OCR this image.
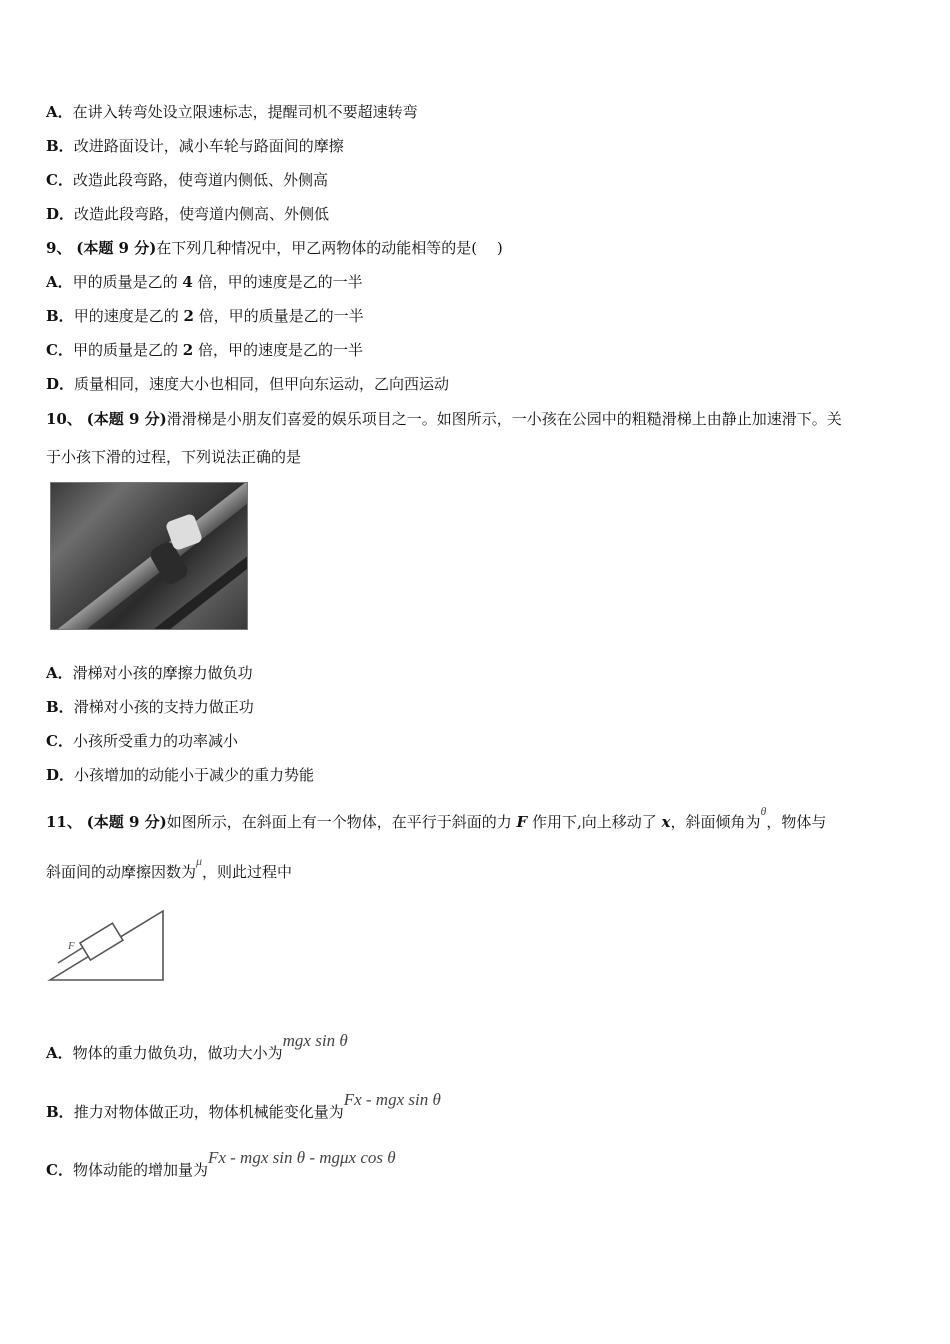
A．在讲入转弯处设立限速标志，提醒司机不要超速转弯
B．改进路面设计，减小车轮与路面间的摩擦
C．改造此段弯路，使弯道内侧低、外侧高
D．改造此段弯路，使弯道内侧高、外侧低
9、 (本题 9 分)在下列几种情况中，甲乙两物体的动能相等的是(　 )
A．甲的质量是乙的 4 倍，甲的速度是乙的一半
B．甲的速度是乙的 2 倍，甲的质量是乙的一半
C．甲的质量是乙的 2 倍，甲的速度是乙的一半
D．质量相同，速度大小也相同，但甲向东运动，乙向西运动
10、 (本题 9 分)滑滑梯是小朋友们喜爱的娱乐项目之一。如图所示，一小孩在公园中的粗糙滑梯上由静止加速滑下。关
于小孩下滑的过程，下列说法正确的是
A．滑梯对小孩的摩擦力做负功
B．滑梯对小孩的支持力做正功
C．小孩所受重力的功率减小
D．小孩增加的动能小于减少的重力势能
11、 (本题 9 分)如图所示，在斜面上有一个物体，在平行于斜面的力 F 作用下,向上移动了 x，斜面倾角为$^\theta$，物体与
斜面间的动摩擦因数为$^\mu$，则此过程中
F
A．物体的重力做负功，做功大小为mgx sin θ
B．推力对物体做正功，物体机械能变化量为Fx - mgx sin θ
C．物体动能的增加量为Fx - mgx sin θ - mgμx cos θ
